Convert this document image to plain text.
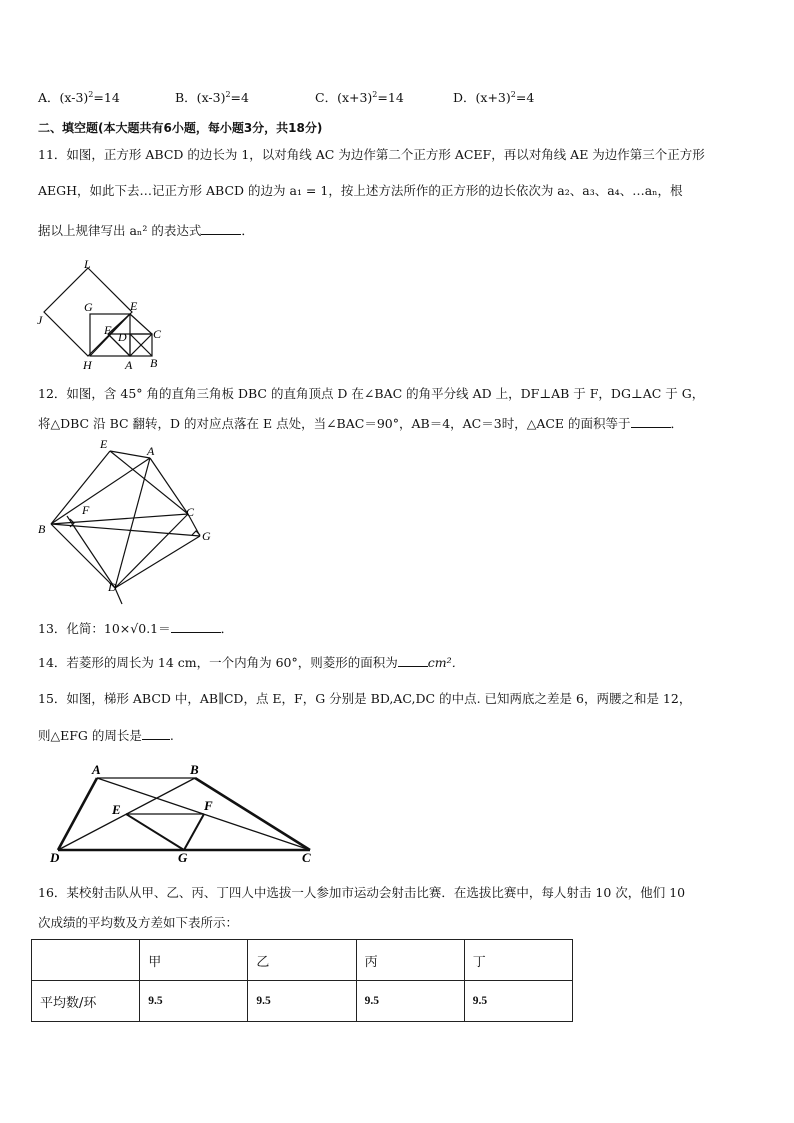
A．$(x-3)^2=14$	B．$(x-3)^2=4$	C．$(x+3)^2=14$	D．$(x+3)^2=4$
二、填空题(本大题共有6小题，每小题3分，共18分)
11．如图，正方形 ABCD 的边长为 1，以对角线 AC 为边作第二个正方形 ACEF，再以对角线 AE 为边作第三个正方形
AEGH，如此下去…记正方形 ABCD 的边为 a₁ = 1，按上述方法所作的正方形的边长依次为 a₂、a₃、a₄、…aₙ，根
据以上规律写出 aₙ² 的表达式	．
L
G	E
J
F	C
D
H	A B
12．如图，含 45° 角的直角三角板 DBC 的直角顶点 D 在∠BAC 的角平分线 AD 上，DF⊥AB 于 F，DG⊥AC 于 G，
将△DBC 沿 BC 翻转，D 的对应点落在 E 点处，当∠BAC＝90°，AB＝4，AC＝3时，△ACE 的面积等于	．
E	A
F	C
B	G
D
13．化简：10×√0.1＝	．
14．若菱形的周长为 14 cm，一个内角为 60°，则菱形的面积为 cm²．
15．如图，梯形 ABCD 中，AB∥CD，点 E，F，G 分别是 BD,AC,DC 的中点. 已知两底之差是 6，两腰之和是 12，
则△EFG 的周长是 .
A	B
E	F
D	G	C
16．某校射击队从甲、乙、丙、丁四人中选拔一人参加市运动会射击比赛．在选拔比赛中，每人射击 10 次，他们 10
次成绩的平均数及方差如下表所示：
	甲	乙	丙	丁
平均数/环	9.5	9.5	9.5	9.5
